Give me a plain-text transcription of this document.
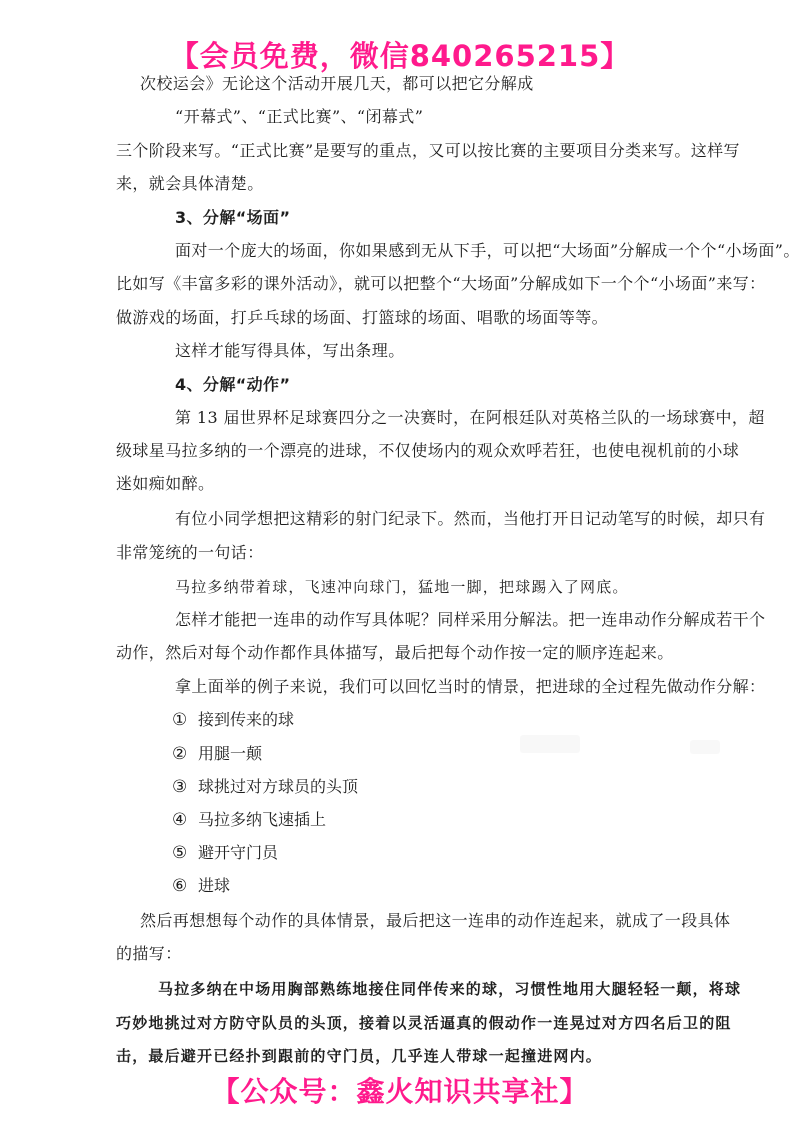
【会员免费，微信840265215】
次校运会》无论这个活动开展几天，都可以把它分解成
“开幕式”、“正式比赛”、“闭幕式”
三个阶段来写。“正式比赛”是要写的重点，又可以按比赛的主要项目分类来写。这样写
来，就会具体清楚。
3、分解“场面”
面对一个庞大的场面，你如果感到无从下手，可以把“大场面”分解成一个个“小场面”。
比如写《丰富多彩的课外活动》，就可以把整个“大场面”分解成如下一个个“小场面”来写：
做游戏的场面，打乒乓球的场面、打篮球的场面、唱歌的场面等等。
这样才能写得具体，写出条理。
4、分解“动作”
第 13 届世界杯足球赛四分之一决赛时，在阿根廷队对英格兰队的一场球赛中，超
级球星马拉多纳的一个漂亮的进球，不仅使场内的观众欢呼若狂，也使电视机前的小球
迷如痴如醉。
有位小同学想把这精彩的射门纪录下。然而，当他打开日记动笔写的时候，却只有
非常笼统的一句话：
马拉多纳带着球，飞速冲向球门，猛地一脚，把球踢入了网底。
怎样才能把一连串的动作写具体呢？同样采用分解法。把一连串动作分解成若干个
动作，然后对每个动作都作具体描写，最后把每个动作按一定的顺序连起来。
拿上面举的例子来说，我们可以回忆当时的情景，把进球的全过程先做动作分解：
① 接到传来的球
② 用腿一颠
③ 球挑过对方球员的头顶
④ 马拉多纳飞速插上
⑤ 避开守门员
⑥ 进球
然后再想想每个动作的具体情景，最后把这一连串的动作连起来，就成了一段具体
的描写：
马拉多纳在中场用胸部熟练地接住同伴传来的球，习惯性地用大腿轻轻一颠，将球
巧妙地挑过对方防守队员的头顶，接着以灵活逼真的假动作一连晃过对方四名后卫的阻
击，最后避开已经扑到跟前的守门员，几乎连人带球一起撞进网内。
【公众号：鑫火知识共享社】
